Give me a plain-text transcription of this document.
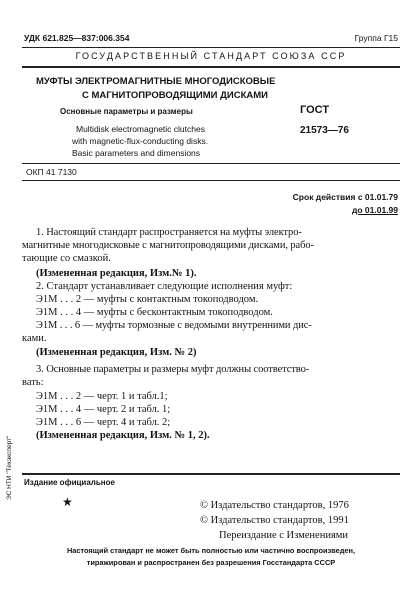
УДК 621.825—837:006.354	Группа Г15
ГОСУДАРСТВЕННЫЙ СТАНДАРТ СОЮЗА ССР
МУФТЫ ЭЛЕКТРОМАГНИТНЫЕ МНОГОДИСКОВЫЕ
С МАГНИТОПРОВОДЯЩИМИ ДИСКАМИ
Основные параметры и размеры
Multidisk electromagnetic clutches
with magnetic-flux-conducting disks.
Basic parameters and dimensions
ГОСТ
21573—76
ОКП 41 7130
Срок действия с 01.01.79
до 01.01.99
1. Настоящий стандарт распространяется на муфты электро-
магнитные многодисковые с магнитопроводящими дисками, рабо-
тающие со смазкой.
(Измененная редакция, Изм.№ 1).
2. Стандарт устанавливает следующие исполнения муфт:
Э1М . . . 2 — муфты с контактным токоподводом.
Э1М . . . 4 — муфты с бесконтактным токоподводом.
Э1М . . . 6 — муфты тормозные с ведомыми внутренними дис-
ками.
(Измененная редакция, Изм. № 2)
3. Основные параметры и размеры муфт должны соответство-
вать:
Э1М . . . 2 — черт. 1 и табл.1;
Э1М . . . 4 — черт. 2 и табл. 1;
Э1М . . . 6 — черт. 4 и табл. 2;
(Измененная редакция, Изм. № 1, 2).
ЭС НТИ "Техэксперт" Издание официальное
★	© Издательство стандартов, 1976
© Издательство стандартов, 1991
Переиздание с Изменениями
Настоящий стандарт не может быть полностью или частично воспроизведен,
тиражирован и распространен без разрешения Госстандарта СССР
